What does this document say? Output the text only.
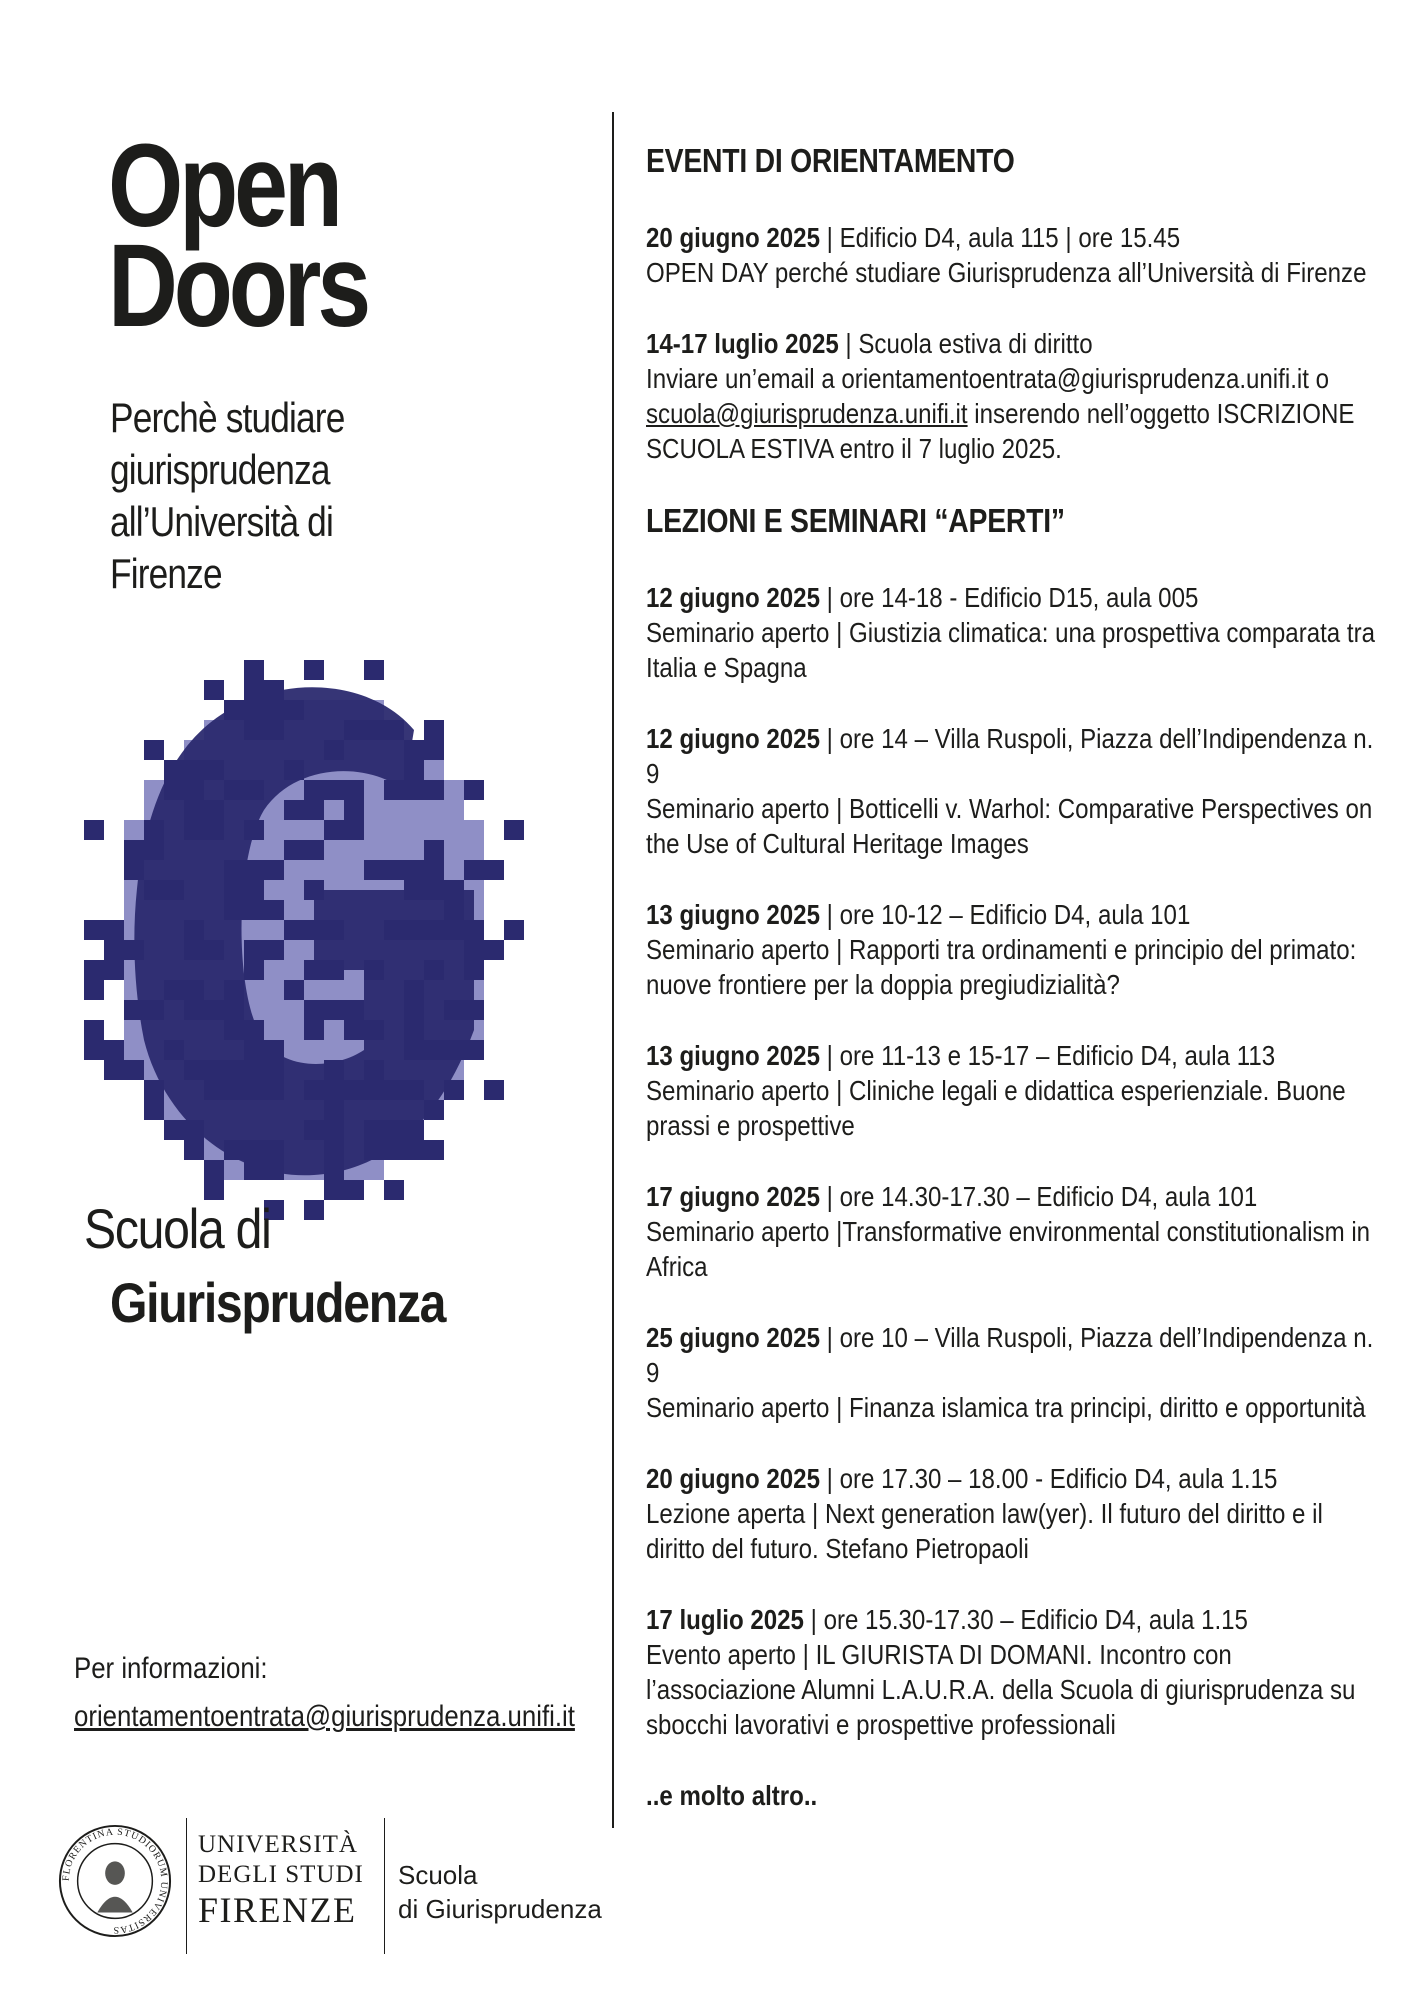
Open
Doors

Perchè studiare giurisprudenza all’Università di Firenze

Scuola di
Giurisprudenza
Per informazioni:
orientamentoentrata@giurisprudenza.unifi.it
FLORENTINA STUDIORUM UNIVERSITAS
UNIVERSITÀ
DEGLI STUDI
FIRENZE
Scuola
di Giurisprudenza
EVENTI DI ORIENTAMENTO
20 giugno 2025 | Edificio D4, aula 115 | ore 15.45
OPEN DAY perché studiare Giurisprudenza all’Università di Firenze
14-17 luglio 2025 | Scuola estiva di diritto
Inviare un’email a orientamentoentrata@giurisprudenza.unifi.it o
scuola@giurisprudenza.unifi.it inserendo nell’oggetto ISCRIZIONE
SCUOLA ESTIVA entro il 7 luglio 2025.
LEZIONI E SEMINARI “APERTI”
12 giugno 2025 | ore 14-18 - Edificio D15, aula 005
Seminario aperto | Giustizia climatica: una prospettiva comparata tra Italia e Spagna
12 giugno 2025 | ore 14 – Villa Ruspoli, Piazza dell’Indipendenza n. 9
Seminario aperto | Botticelli v. Warhol: Comparative Perspectives on the Use of Cultural Heritage Images
13 giugno 2025 | ore 10-12 – Edificio D4, aula 101
Seminario aperto | Rapporti tra ordinamenti e principio del primato: nuove frontiere per la doppia pregiudizialità?
13 giugno 2025 | ore 11-13 e 15-17 – Edificio D4, aula 113
Seminario aperto | Cliniche legali e didattica esperienziale. Buone prassi e prospettive
17 giugno 2025 | ore 14.30-17.30 – Edificio D4, aula 101
Seminario aperto |Transformative environmental constitutionalism in Africa
25 giugno 2025 | ore 10 – Villa Ruspoli, Piazza dell’Indipendenza n. 9
Seminario aperto | Finanza islamica tra principi, diritto e opportunità
20 giugno 2025 | ore 17.30 – 18.00 - Edificio D4, aula 1.15
Lezione aperta | Next generation law(yer). Il futuro del diritto e il diritto del futuro. Stefano Pietropaoli
17 luglio 2025 | ore 15.30-17.30 – Edificio D4, aula 1.15
Evento aperto | IL GIURISTA DI DOMANI. Incontro con l’associazione Alumni L.A.U.R.A. della Scuola di giurisprudenza su sbocchi lavorativi e prospettive professionali
..e molto altro..
